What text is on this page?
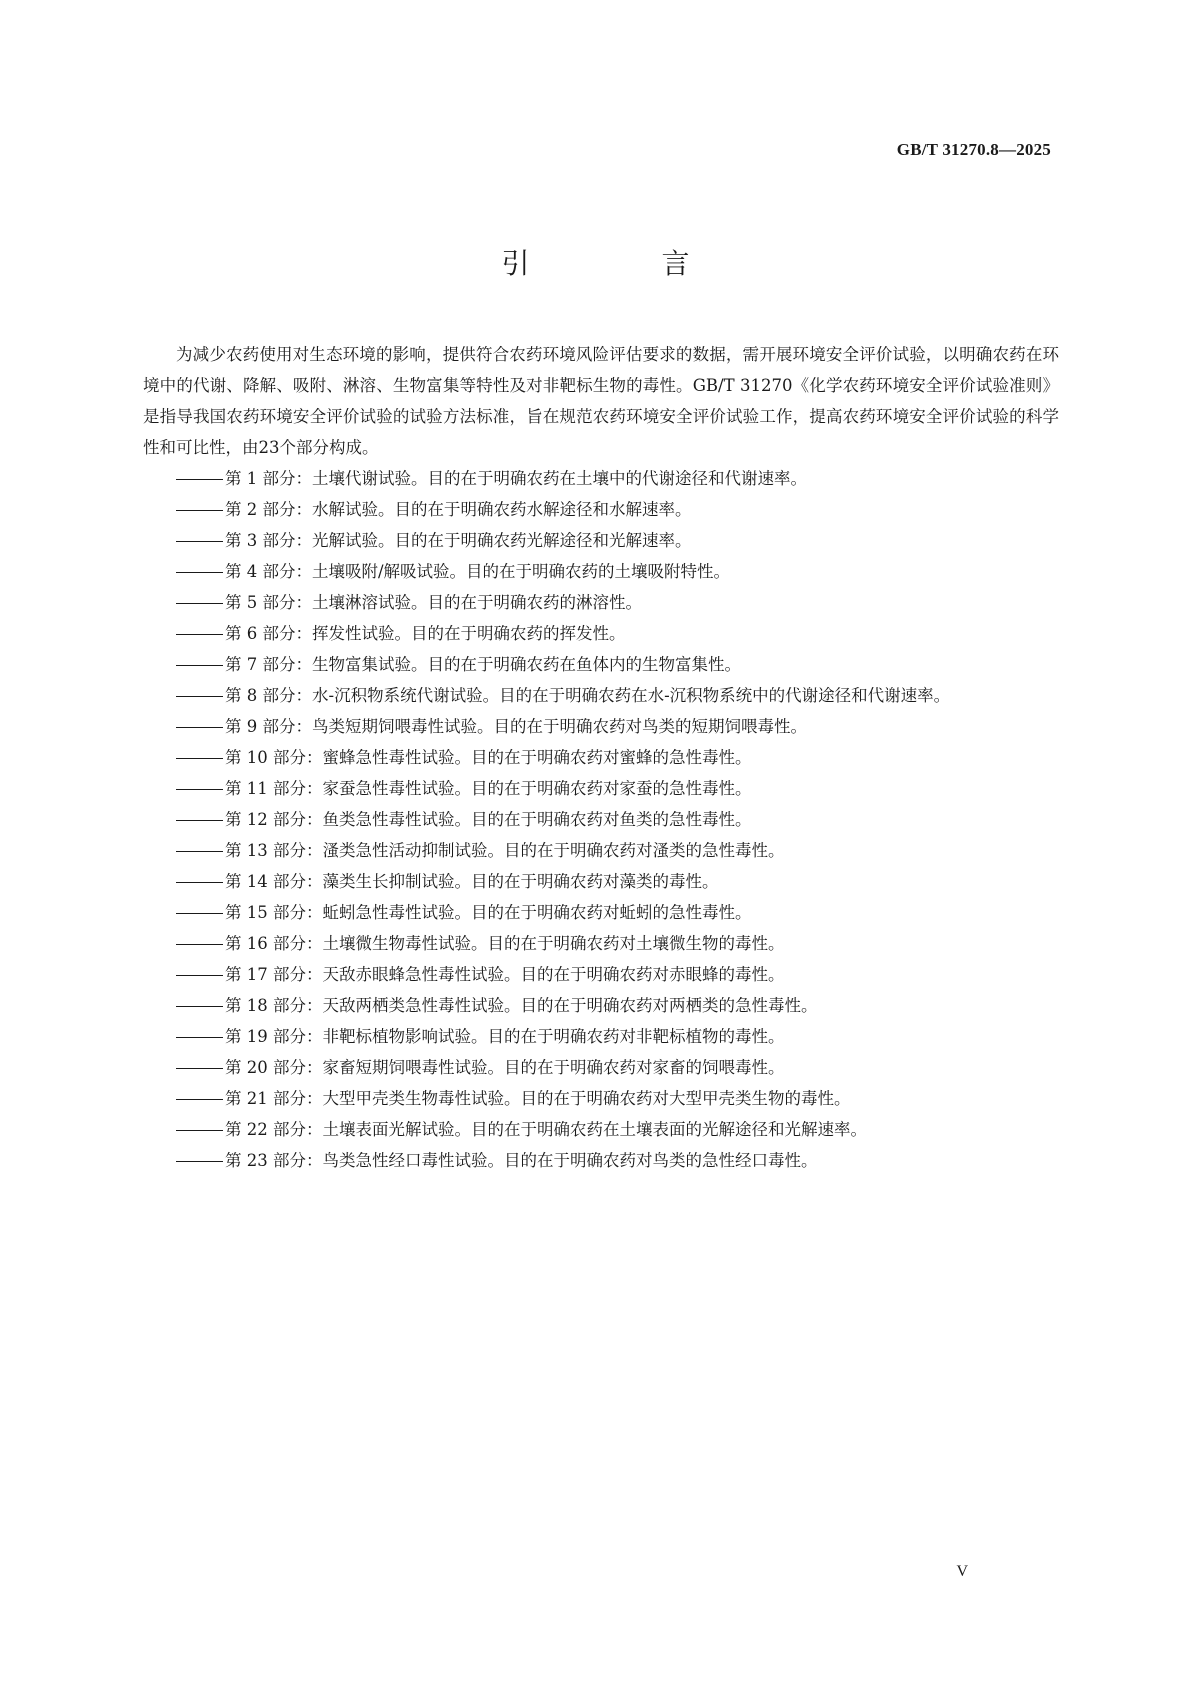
GB/T 31270.8—2025
引　言

为减少农药使用对生态环境的影响，提供符合农药环境风险评估要求的数据，需开展环境安全评价试验，以明确农药在环境中的代谢、降解、吸附、淋溶、生物富集等特性及对非靶标生物的毒性。GB/T 31270《化学农药环境安全评价试验准则》是指导我国农药环境安全评价试验的试验方法标准，旨在规范农药环境安全评价试验工作，提高农药环境安全评价试验的科学性和可比性，由23个部分构成。

第 1 部分：土壤代谢试验。目的在于明确农药在土壤中的代谢途径和代谢速率。
第 2 部分：水解试验。目的在于明确农药水解途径和水解速率。
第 3 部分：光解试验。目的在于明确农药光解途径和光解速率。
第 4 部分：土壤吸附/解吸试验。目的在于明确农药的土壤吸附特性。
第 5 部分：土壤淋溶试验。目的在于明确农药的淋溶性。
第 6 部分：挥发性试验。目的在于明确农药的挥发性。
第 7 部分：生物富集试验。目的在于明确农药在鱼体内的生物富集性。
第 8 部分：水-沉积物系统代谢试验。目的在于明确农药在水-沉积物系统中的代谢途径和代谢速率。
第 9 部分：鸟类短期饲喂毒性试验。目的在于明确农药对鸟类的短期饲喂毒性。
第 10 部分：蜜蜂急性毒性试验。目的在于明确农药对蜜蜂的急性毒性。
第 11 部分：家蚕急性毒性试验。目的在于明确农药对家蚕的急性毒性。
第 12 部分：鱼类急性毒性试验。目的在于明确农药对鱼类的急性毒性。
第 13 部分：溞类急性活动抑制试验。目的在于明确农药对溞类的急性毒性。
第 14 部分：藻类生长抑制试验。目的在于明确农药对藻类的毒性。
第 15 部分：蚯蚓急性毒性试验。目的在于明确农药对蚯蚓的急性毒性。
第 16 部分：土壤微生物毒性试验。目的在于明确农药对土壤微生物的毒性。
第 17 部分：天敌赤眼蜂急性毒性试验。目的在于明确农药对赤眼蜂的毒性。
第 18 部分：天敌两栖类急性毒性试验。目的在于明确农药对两栖类的急性毒性。
第 19 部分：非靶标植物影响试验。目的在于明确农药对非靶标植物的毒性。
第 20 部分：家畜短期饲喂毒性试验。目的在于明确农药对家畜的饲喂毒性。
第 21 部分：大型甲壳类生物毒性试验。目的在于明确农药对大型甲壳类生物的毒性。
第 22 部分：土壤表面光解试验。目的在于明确农药在土壤表面的光解途径和光解速率。
第 23 部分：鸟类急性经口毒性试验。目的在于明确农药对鸟类的急性经口毒性。
V
